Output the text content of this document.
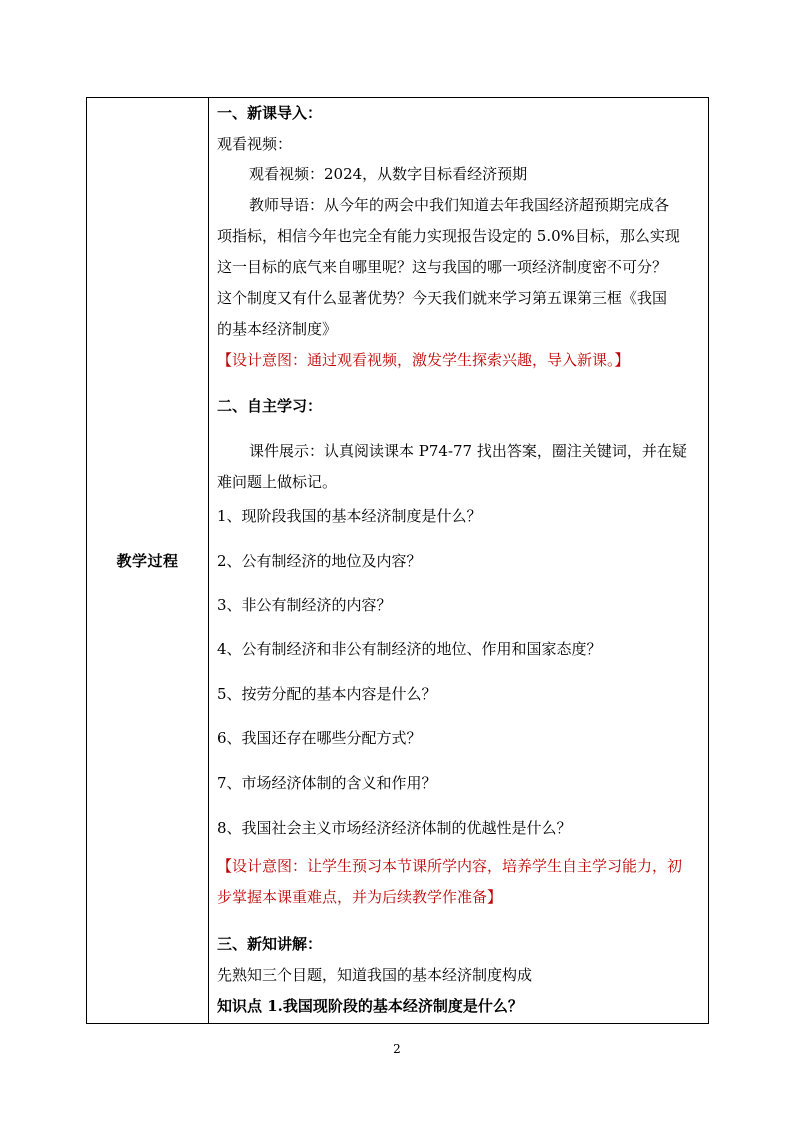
教学过程
一、新课导入：
观看视频：
观看视频：2024，从数字目标看经济预期
教师导语：从今年的两会中我们知道去年我国经济超预期完成各
项指标，相信今年也完全有能力实现报告设定的 5.0%目标，那么实现
这一目标的底气来自哪里呢？这与我国的哪一项经济制度密不可分？
这个制度又有什么显著优势？今天我们就来学习第五课第三框《我国
的基本经济制度》
【设计意图：通过观看视频，激发学生探索兴趣，导入新课。】
二、自主学习：
课件展示：认真阅读课本 P74-77 找出答案，圈注关键词，并在疑
难问题上做标记。
1、现阶段我国的基本经济制度是什么？
2、公有制经济的地位及内容？
3、非公有制经济的内容？
4、公有制经济和非公有制经济的地位、作用和国家态度？
5、按劳分配的基本内容是什么？
6、我国还存在哪些分配方式？
7、市场经济体制的含义和作用？
8、我国社会主义市场经济经济体制的优越性是什么？
【设计意图：让学生预习本节课所学内容，培养学生自主学习能力，初
步掌握本课重难点，并为后续教学作准备】
三、新知讲解：
先熟知三个目题，知道我国的基本经济制度构成
知识点 1.我国现阶段的基本经济制度是什么？
2
